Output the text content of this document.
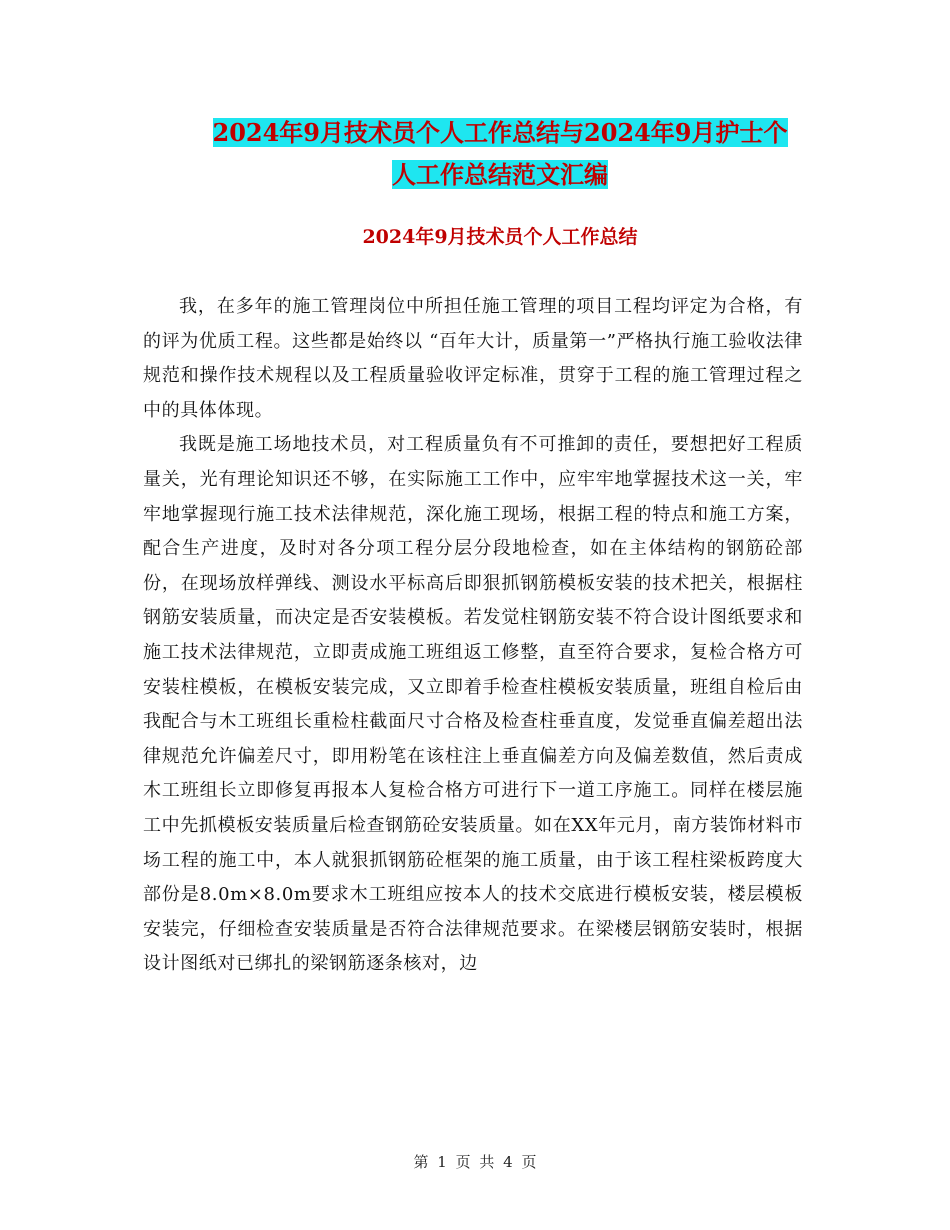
2024年9月技术员个人工作总结与2024年9月护士个
人工作总结范文汇编
2024年9月技术员个人工作总结

我，在多年的施工管理岗位中所担任施工管理的项目工程均评定为合格，有的评为优质工程。这些都是始终以 “百年大计，质量第一”严格执行施工验收法律规范和操作技术规程以及工程质量验收评定标准，贯穿于工程的施工管理过程之中的具体体现。

我既是施工场地技术员，对工程质量负有不可推卸的责任，要想把好工程质量关，光有理论知识还不够，在实际施工工作中，应牢牢地掌握技术这一关，牢牢地掌握现行施工技术法律规范，深化施工现场，根据工程的特点和施工方案，配合生产进度，及时对各分项工程分层分段地检查，如在主体结构的钢筋砼部份，在现场放样弹线、测设水平标高后即狠抓钢筋模板安装的技术把关，根据柱钢筋安装质量，而决定是否安装模板。若发觉柱钢筋安装不符合设计图纸要求和施工技术法律规范，立即责成施工班组返工修整，直至符合要求，复检合格方可安装柱模板，在模板安装完成，又立即着手检查柱模板安装质量，班组自检后由我配合与木工班组长重检柱截面尺寸合格及检查柱垂直度，发觉垂直偏差超出法律规范允许偏差尺寸，即用粉笔在该柱注上垂直偏差方向及偏差数值，然后责成木工班组长立即修复再报本人复检合格方可进行下一道工序施工。同样在楼层施工中先抓模板安装质量后检查钢筋砼安装质量。如在XX年元月，南方装饰材料市场工程的施工中，本人就狠抓钢筋砼框架的施工质量，由于该工程柱梁板跨度大部份是8.0m×8.0m要求木工班组应按本人的技术交底进行模板安装，楼层模板安装完，仔细检查安装质量是否符合法律规范要求。在梁楼层钢筋安装时，根据设计图纸对已绑扎的梁钢筋逐条核对，边

第 1 页 共 4 页
